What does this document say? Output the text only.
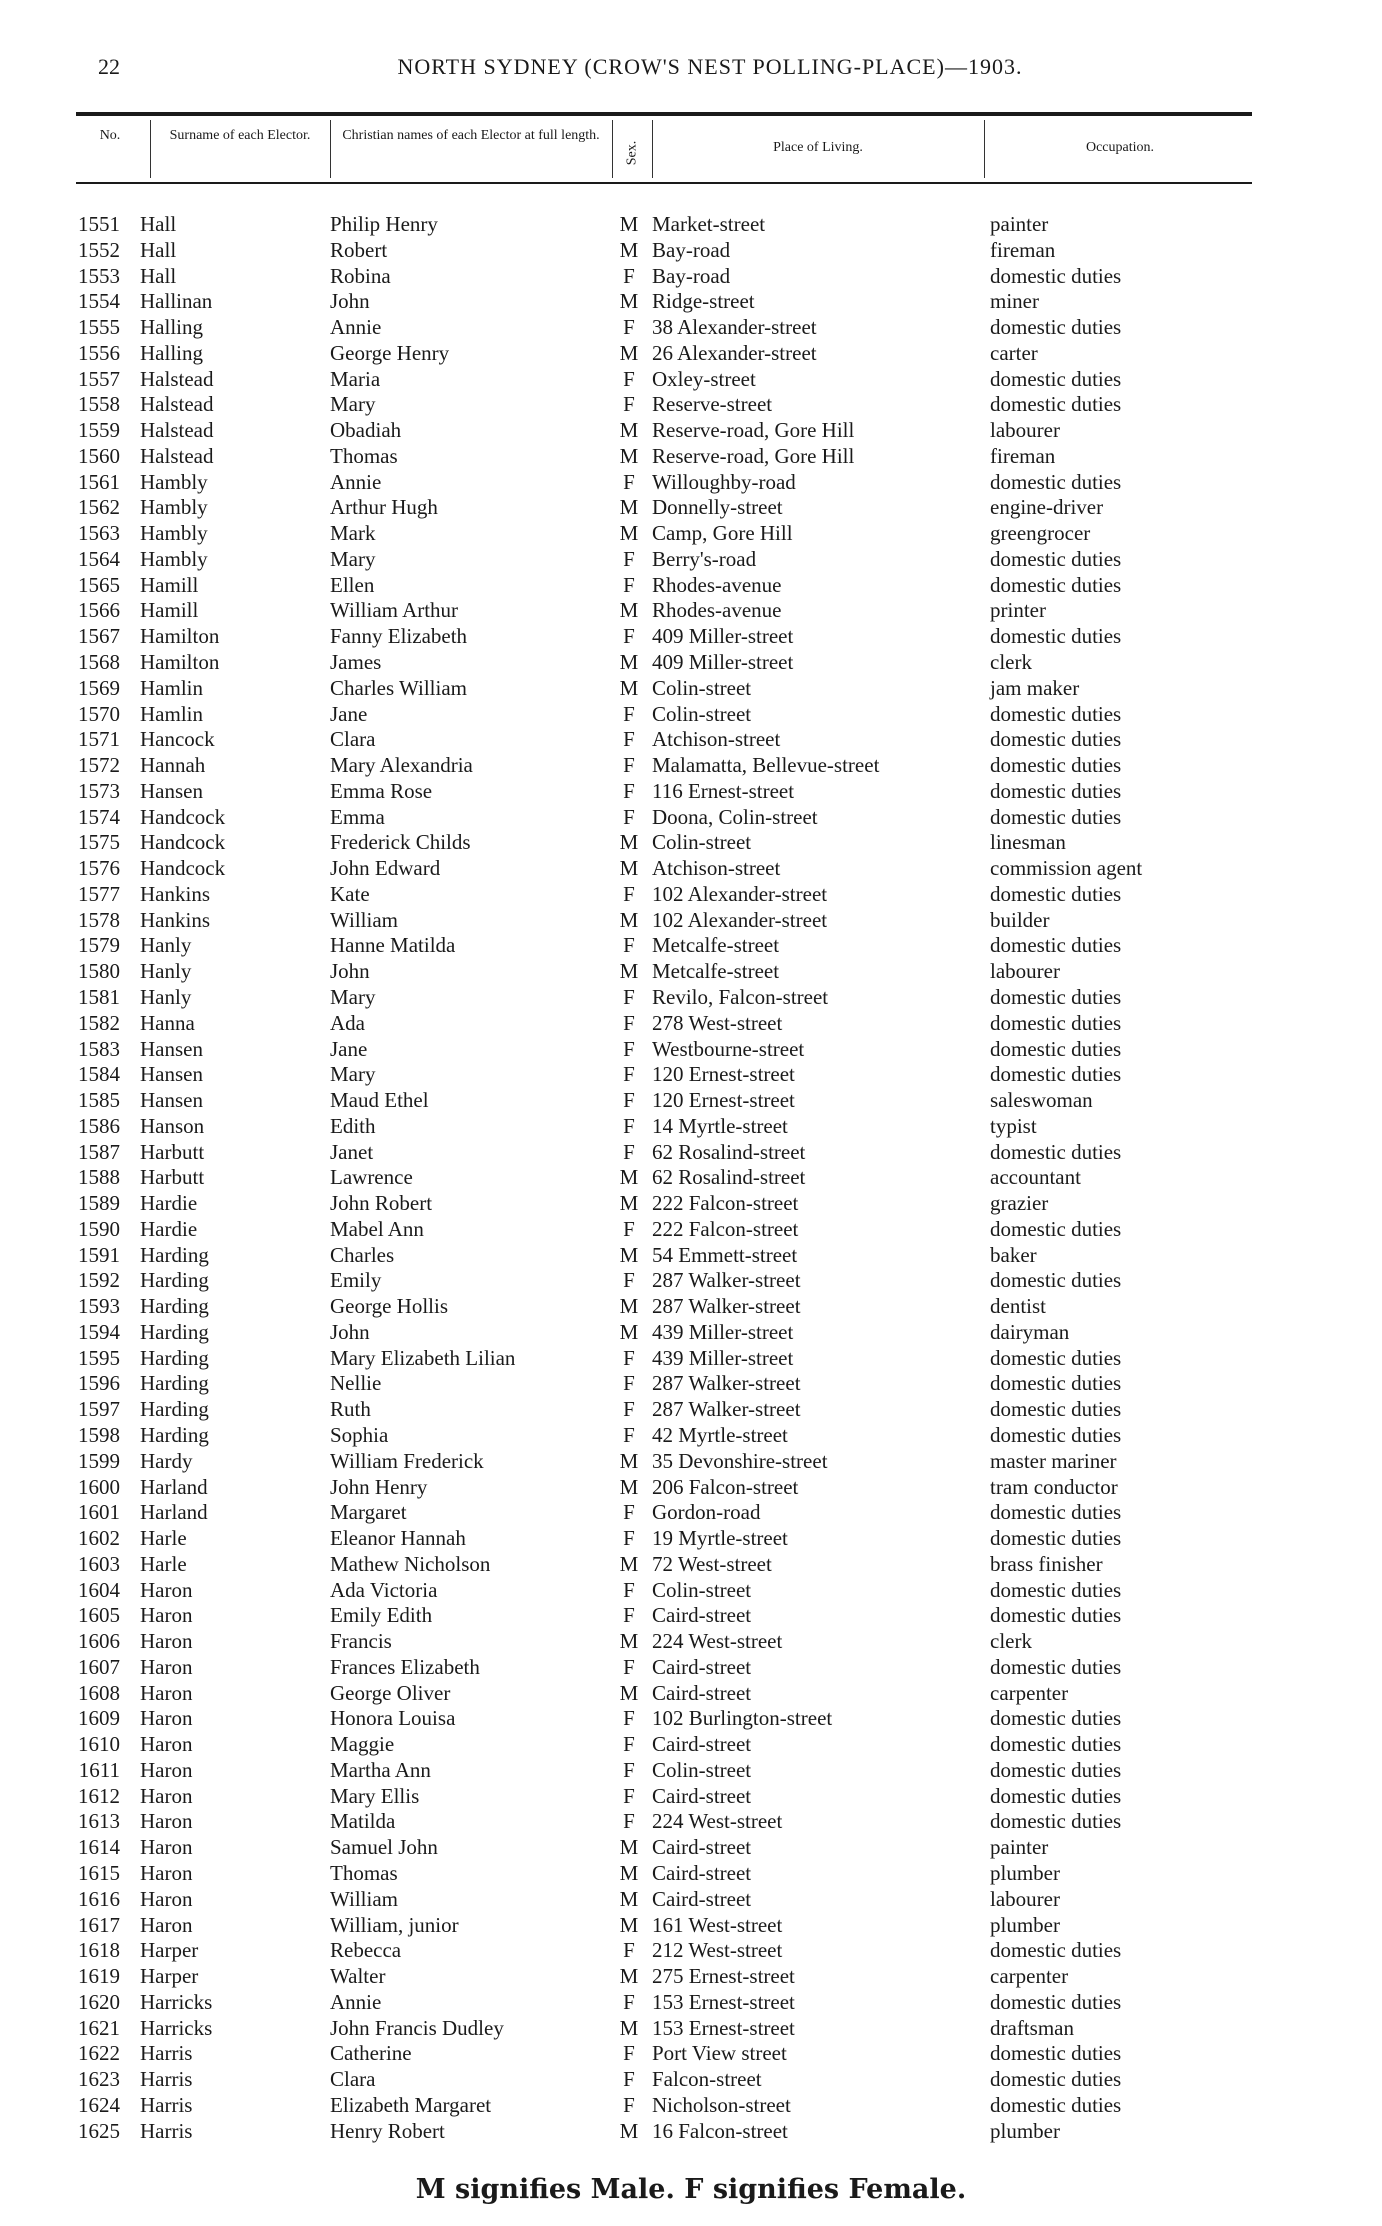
22	NORTH SYDNEY (CROW'S NEST POLLING-PLACE)—1903.
No.	Surname of each Elector.	Christian names of each Elector at full length.
Sex.	Place of Living.	Occupation.
1551 Hall	Philip Henry	M Market-street	painter
1552 Hall	Robert	M Bay-road	fireman
1553 Hall	Robina	F Bay-road	domestic duties
1554 Hallinan	John	M Ridge-street	miner
1555 Halling	Annie	F 38 Alexander-street	domestic duties
1556 Halling	George Henry	M 26 Alexander-street	carter
1557 Halstead	Maria	F Oxley-street	domestic duties
1558 Halstead	Mary	F Reserve-street	domestic duties
1559 Halstead	Obadiah	M Reserve-road, Gore Hill	labourer
1560 Halstead	Thomas	M Reserve-road, Gore Hill	fireman
1561 Hambly	Annie	F Willoughby-road	domestic duties
1562 Hambly	Arthur Hugh	M Donnelly-street	engine-driver
1563 Hambly	Mark	M Camp, Gore Hill	greengrocer
1564 Hambly	Mary	F Berry's-road	domestic duties
1565 Hamill	Ellen	F Rhodes-avenue	domestic duties
1566 Hamill	William Arthur	M Rhodes-avenue	printer
1567 Hamilton	Fanny Elizabeth	F 409 Miller-street	domestic duties
1568 Hamilton	James	M 409 Miller-street	clerk
1569 Hamlin	Charles William	M Colin-street	jam maker
1570 Hamlin	Jane	F Colin-street	domestic duties
1571 Hancock	Clara	F Atchison-street	domestic duties
1572 Hannah	Mary Alexandria	F Malamatta, Bellevue-street	domestic duties
1573 Hansen	Emma Rose	F 116 Ernest-street	domestic duties
1574 Handcock	Emma	F Doona, Colin-street	domestic duties
1575 Handcock	Frederick Childs	M Colin-street	linesman
1576 Handcock	John Edward	M Atchison-street	commission agent
1577 Hankins	Kate	F 102 Alexander-street	domestic duties
1578 Hankins	William	M 102 Alexander-street	builder
1579 Hanly	Hanne Matilda	F Metcalfe-street	domestic duties
1580 Hanly	John	M Metcalfe-street	labourer
1581 Hanly	Mary	F Revilo, Falcon-street	domestic duties
1582 Hanna	Ada	F 278 West-street	domestic duties
1583 Hansen	Jane	F Westbourne-street	domestic duties
1584 Hansen	Mary	F 120 Ernest-street	domestic duties
1585 Hansen	Maud Ethel	F 120 Ernest-street	saleswoman
1586 Hanson	Edith	F 14 Myrtle-street	typist
1587 Harbutt	Janet	F 62 Rosalind-street	domestic duties
1588 Harbutt	Lawrence	M 62 Rosalind-street	accountant
1589 Hardie	John Robert	M 222 Falcon-street	grazier
1590 Hardie	Mabel Ann	F 222 Falcon-street	domestic duties
1591 Harding	Charles	M 54 Emmett-street	baker
1592 Harding	Emily	F 287 Walker-street	domestic duties
1593 Harding	George Hollis	M 287 Walker-street	dentist
1594 Harding	John	M 439 Miller-street	dairyman
1595 Harding	Mary Elizabeth Lilian	F 439 Miller-street	domestic duties
1596 Harding	Nellie	F 287 Walker-street	domestic duties
1597 Harding	Ruth	F 287 Walker-street	domestic duties
1598 Harding	Sophia	F 42 Myrtle-street	domestic duties
1599 Hardy	William Frederick	M 35 Devonshire-street	master mariner
1600 Harland	John Henry	M 206 Falcon-street	tram conductor
1601 Harland	Margaret	F Gordon-road	domestic duties
1602 Harle	Eleanor Hannah	F 19 Myrtle-street	domestic duties
1603 Harle	Mathew Nicholson	M 72 West-street	brass finisher
1604 Haron	Ada Victoria	F Colin-street	domestic duties
1605 Haron	Emily Edith	F Caird-street	domestic duties
1606 Haron	Francis	M 224 West-street	clerk
1607 Haron	Frances Elizabeth	F Caird-street	domestic duties
1608 Haron	George Oliver	M Caird-street	carpenter
1609 Haron	Honora Louisa	F 102 Burlington-street	domestic duties
1610 Haron	Maggie	F Caird-street	domestic duties
1611 Haron	Martha Ann	F Colin-street	domestic duties
1612 Haron	Mary Ellis	F Caird-street	domestic duties
1613 Haron	Matilda	F 224 West-street	domestic duties
1614 Haron	Samuel John	M Caird-street	painter
1615 Haron	Thomas	M Caird-street	plumber
1616 Haron	William	M Caird-street	labourer
1617 Haron	William, junior	M 161 West-street	plumber
1618 Harper	Rebecca	F 212 West-street	domestic duties
1619 Harper	Walter	M 275 Ernest-street	carpenter
1620 Harricks	Annie	F 153 Ernest-street	domestic duties
1621 Harricks	John Francis Dudley	M 153 Ernest-street	draftsman
1622 Harris	Catherine	F Port View street	domestic duties
1623 Harris	Clara	F Falcon-street	domestic duties
1624 Harris	Elizabeth Margaret	F Nicholson-street	domestic duties
1625 Harris	Henry Robert	M 16 Falcon-street	plumber
M signifies Male. F signifies Female.
